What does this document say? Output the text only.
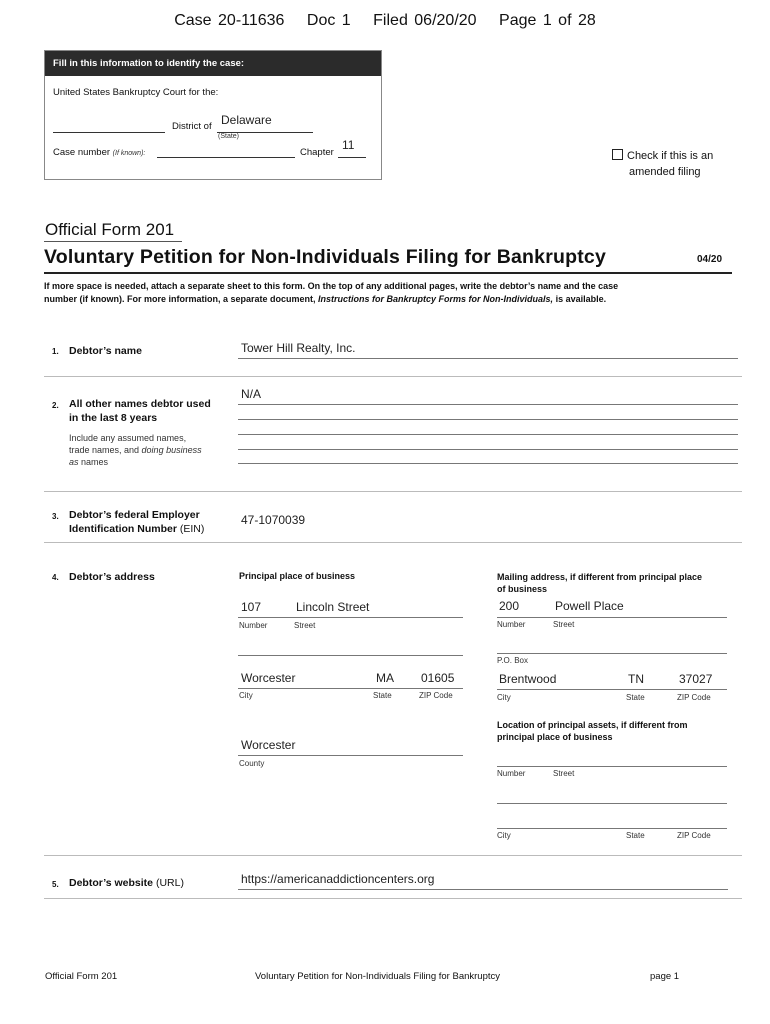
Case 20-11636 Doc 1 Filed 06/20/20 Page 1 of 28
Fill in this information to identify the case:
United States Bankruptcy Court for the:
District of Delaware
(State)
Case number (If known):	Chapter
11
Check if this is an
amended filing
Official Form 201
Voluntary Petition for Non-Individuals Filing for Bankruptcy	04/20
If more space is needed, attach a separate sheet to this form. On the top of any additional pages, write the debtor’s name and the case
number (if known). For more information, a separate document, Instructions for Bankruptcy Forms for Non-Individuals, is available.
1. Debtor’s name	Tower Hill Realty, Inc.
2. All other names debtor used
in the last 8 years
Include any assumed names,
trade names, and doing business
as names
N/A
3. Debtor’s federal Employer
Identification Number (EIN)
47-1070039
4. Debtor’s address	Principal place of business	Mailing address, if different from principal place
of business
107	Lincoln Street
Number	Street
Worcester	MA 01605
City	State	ZIP Code
Worcester
County
200	Powell Place
Number	Street
P.O. Box
Brentwood	TN	37027
City	State	ZIP Code
Location of principal assets, if different from
principal place of business
Number	Street
City	State	ZIP Code
5. Debtor’s website (URL)	https://americanaddictioncenters.org
Official Form 201	Voluntary Petition for Non-Individuals Filing for Bankruptcy	page 1
